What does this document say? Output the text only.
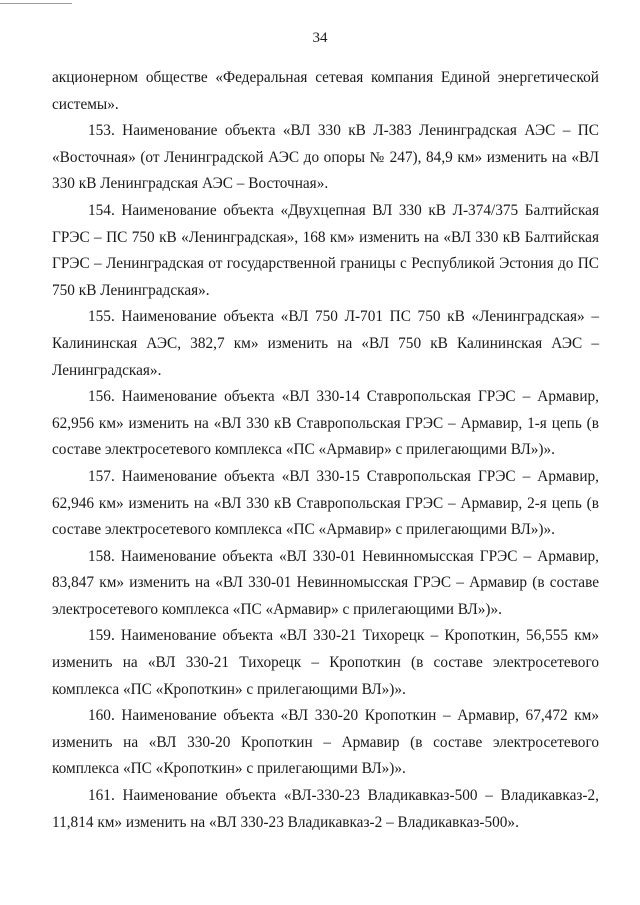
34

акционерном обществе «Федеральная сетевая компания Единой энергетической системы».

153. Наименование объекта «ВЛ 330 кВ Л-383 Ленинградская АЭС – ПС «Восточная» (от Ленинградской АЭС до опоры № 247), 84,9 км» изменить на «ВЛ 330 кВ Ленинградская АЭС – Восточная».

154. Наименование объекта «Двухцепная ВЛ 330 кВ Л-374/375 Балтийская ГРЭС – ПС 750 кВ «Ленинградская», 168 км» изменить на «ВЛ 330 кВ Балтийская ГРЭС – Ленинградская от государственной границы с Республикой Эстония до ПС 750 кВ Ленинградская».

155. Наименование объекта «ВЛ 750 Л-701 ПС 750 кВ «Ленинградская» – Калининская АЭС, 382,7 км» изменить на «ВЛ 750 кВ Калининская АЭС – Ленинградская».

156. Наименование объекта «ВЛ 330-14 Ставропольская ГРЭС – Армавир, 62,956 км» изменить на «ВЛ 330 кВ Ставропольская ГРЭС – Армавир, 1-я цепь (в составе электросетевого комплекса «ПС «Армавир» с прилегающими ВЛ»)».

157. Наименование объекта «ВЛ 330-15 Ставропольская ГРЭС – Армавир, 62,946 км» изменить на «ВЛ 330 кВ Ставропольская ГРЭС – Армавир, 2-я цепь (в составе электросетевого комплекса «ПС «Армавир» с прилегающими ВЛ»)».

158. Наименование объекта «ВЛ 330-01 Невинномысская ГРЭС – Армавир, 83,847 км» изменить на «ВЛ 330-01 Невинномысская ГРЭС – Армавир (в составе электросетевого комплекса «ПС «Армавир» с прилегающими ВЛ»)».

159. Наименование объекта «ВЛ 330-21 Тихорецк – Кропоткин, 56,555 км» изменить на «ВЛ 330-21 Тихорецк – Кропоткин (в составе электросетевого комплекса «ПС «Кропоткин» с прилегающими ВЛ»)».

160. Наименование объекта «ВЛ 330-20 Кропоткин – Армавир, 67,472 км» изменить на «ВЛ 330-20 Кропоткин – Армавир (в составе электросетевого комплекса «ПС «Кропоткин» с прилегающими ВЛ»)».

161. Наименование объекта «ВЛ-330-23 Владикавказ-500 – Владикавказ-2, 11,814 км» изменить на «ВЛ 330-23 Владикавказ-2 – Владикавказ-500».
